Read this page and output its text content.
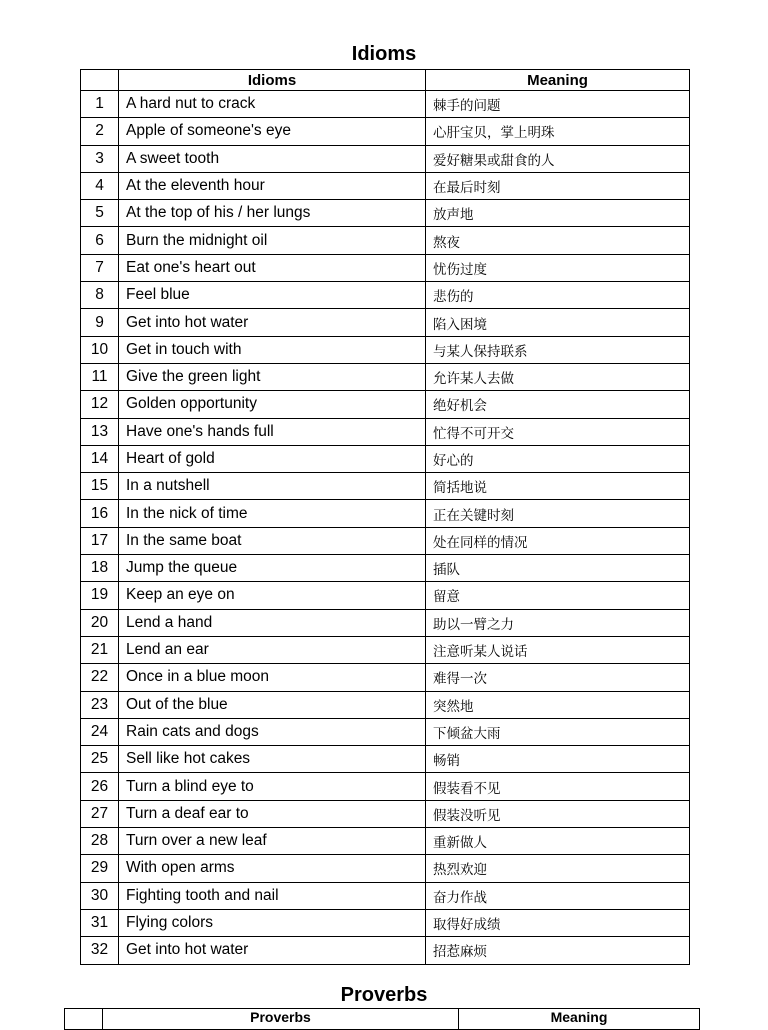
Idioms
	Idioms	Meaning
1	A hard nut to crack	棘手的问题
2	Apple of someone's eye	心肝宝贝，掌上明珠
3	A sweet tooth	爱好糖果或甜食的人
4	At the eleventh hour	在最后时刻
5	At the top of his / her lungs	放声地
6	Burn the midnight oil	熬夜
7	Eat one's heart out	忧伤过度
8	Feel blue	悲伤的
9	Get into hot water	陷入困境
10	Get in touch with	与某人保持联系
11	Give the green light	允许某人去做
12	Golden opportunity	绝好机会
13	Have one's hands full	忙得不可开交
14	Heart of gold	好心的
15	In a nutshell	简括地说
16	In the nick of time	正在关键时刻
17	In the same boat	处在同样的情况
18	Jump the queue	插队
19	Keep an eye on	留意
20	Lend a hand	助以一臂之力
21	Lend an ear	注意听某人说话
22	Once in a blue moon	难得一次
23	Out of the blue	突然地
24	Rain cats and dogs	下倾盆大雨
25	Sell like hot cakes	畅销
26	Turn a blind eye to	假装看不见
27	Turn a deaf ear to	假装没听见
28	Turn over a new leaf	重新做人
29	With open arms	热烈欢迎
30	Fighting tooth and nail	奋力作战
31	Flying colors	取得好成绩
32	Get into hot water	招惹麻烦
Proverbs
	Proverbs	Meaning
